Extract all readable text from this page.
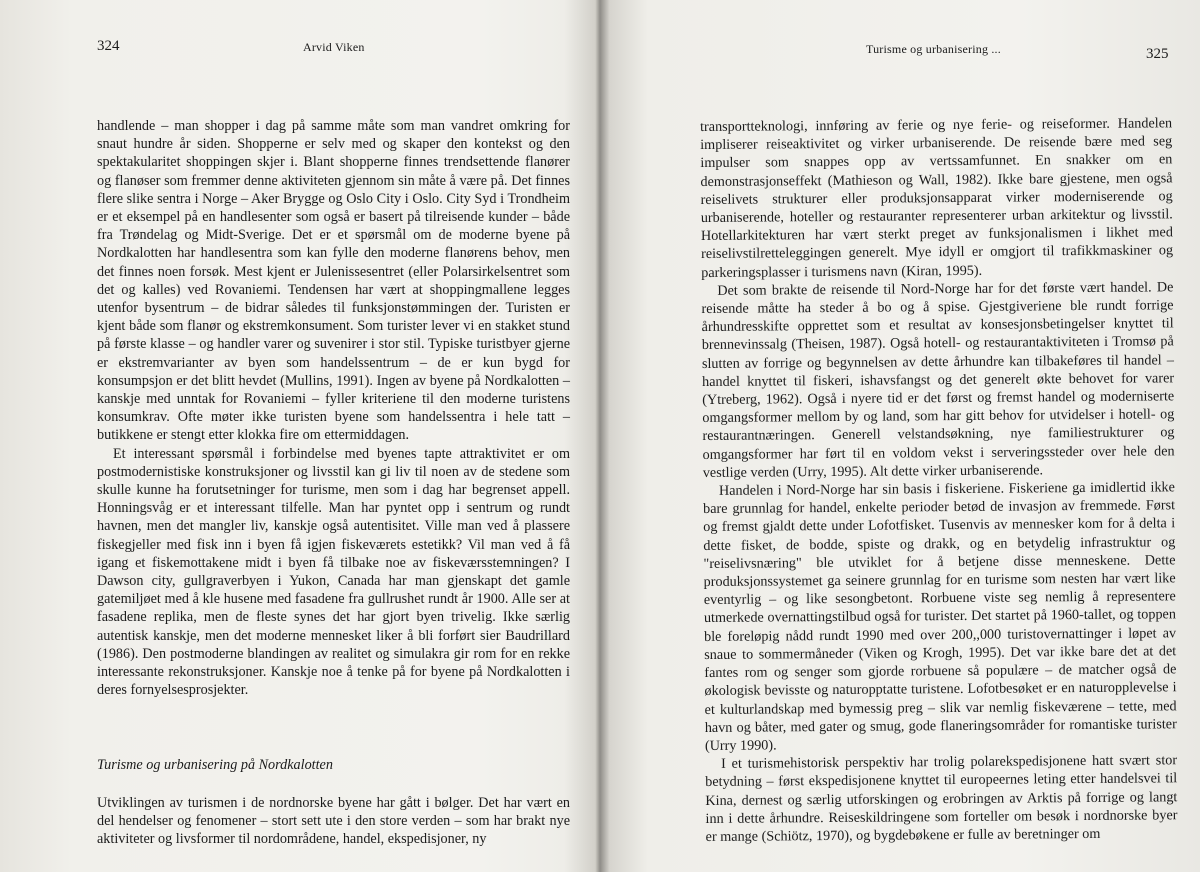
324	Arvid Viken

handlende – man shopper i dag på samme måte som man vandret omkring for snaut hundre år siden. Shopperne er selv med og skaper den kontekst og den spektakularitet shoppingen skjer i. Blant shopperne finnes trendsettende flanører og flanøser som fremmer denne aktiviteten gjennom sin måte å være på. Det finnes flere slike sentra i Norge – Aker Brygge og Oslo City i Oslo. City Syd i Trondheim er et eksempel på en handlesenter som også er basert på tilreisende kunder – både fra Trøndelag og Midt-Sverige. Det er et spørsmål om de moderne byene på Nordkalotten har handlesentra som kan fylle den moderne flanørens behov, men det finnes noen forsøk. Mest kjent er Julenissesentret (eller Polarsirkelsentret som det og kalles) ved Rovaniemi. Tendensen har vært at shoppingmallene legges utenfor bysentrum – de bidrar således til funksjonstømmingen der. Turisten er kjent både som flanør og ekstremkonsument. Som turister lever vi en stakket stund på første klasse – og handler varer og suvenirer i stor stil. Typiske turistbyer gjerne er ekstremvarianter av byen som handelssentrum – de er kun bygd for konsumpsjon er det blitt hevdet (Mullins, 1991). Ingen av byene på Nordkalotten – kanskje med unntak for Rovaniemi – fyller kriteriene til den moderne turistens konsumkrav. Ofte møter ikke turisten byene som handelssentra i hele tatt – butikkene er stengt etter klokka fire om ettermiddagen.

Et interessant spørsmål i forbindelse med byenes tapte attraktivitet er om postmodernistiske konstruksjoner og livsstil kan gi liv til noen av de stedene som skulle kunne ha forutsetninger for turisme, men som i dag har begrenset appell. Honningsvåg er et interessant tilfelle. Man har pyntet opp i sentrum og rundt havnen, men det mangler liv, kanskje også autentisitet. Ville man ved å plassere fiskegjeller med fisk inn i byen få igjen fiskeværets estetikk? Vil man ved å få igang et fiskemottakene midt i byen få tilbake noe av fiskeværsstemningen? I Dawson city, gullgraverbyen i Yukon, Canada har man gjenskapt det gamle gatemiljøet med å kle husene med fasadene fra gullrushet rundt år 1900. Alle ser at fasadene replika, men de fleste synes det har gjort byen trivelig. Ikke særlig autentisk kanskje, men det moderne mennesket liker å bli forført sier Baudrillard (1986). Den postmoderne blandingen av realitet og simulakra gir rom for en rekke interessante rekonstruksjoner. Kanskje noe å tenke på for byene på Nordkalotten i deres fornyelsesprosjekter.

Turisme og urbanisering på Nordkalotten

Utviklingen av turismen i de nordnorske byene har gått i bølger. Det har vært en del hendelser og fenomener – stort sett ute i den store verden – som har brakt nye aktiviteter og livsformer til nordområdene, handel, ekspedisjoner, ny

Turisme og urbanisering ...	325

transportteknologi, innføring av ferie og nye ferie- og reiseformer. Handelen impliserer reiseaktivitet og virker urbaniserende. De reisende bære med seg impulser som snappes opp av vertssamfunnet. En snakker om en demonstrasjonseffekt (Mathieson og Wall, 1982). Ikke bare gjestene, men også reiselivets strukturer eller produksjonsapparat virker moderniserende og urbaniserende, hoteller og restauranter representerer urban arkitektur og livsstil. Hotellarkitekturen har vært sterkt preget av funksjonalismen i likhet med reiselivstilretteleggingen generelt. Mye idyll er omgjort til trafikkmaskiner og parkeringsplasser i turismens navn (Kiran, 1995).

Det som brakte de reisende til Nord-Norge har for det første vært handel. De reisende måtte ha steder å bo og å spise. Gjestgiveriene ble rundt forrige århundresskifte opprettet som et resultat av konsesjonsbetingelser knyttet til brennevinssalg (Theisen, 1987). Også hotell- og restaurantaktiviteten i Tromsø på slutten av forrige og begynnelsen av dette århundre kan tilbakeføres til handel – handel knyttet til fiskeri, ishavsfangst og det generelt økte behovet for varer (Ytreberg, 1962). Også i nyere tid er det først og fremst handel og moderniserte omgangsformer mellom by og land, som har gitt behov for utvidelser i hotell- og restaurantnæringen. Generell velstandsøkning, nye familiestrukturer og omgangsformer har ført til en voldom vekst i serveringssteder over hele den vestlige verden (Urry, 1995). Alt dette virker urbaniserende.

Handelen i Nord-Norge har sin basis i fiskeriene. Fiskeriene ga imidlertid ikke bare grunnlag for handel, enkelte perioder betød de invasjon av fremmede. Først og fremst gjaldt dette under Lofotfisket. Tusenvis av mennesker kom for å delta i dette fisket, de bodde, spiste og drakk, og en betydelig infrastruktur og "reiselivsnæring" ble utviklet for å betjene disse menneskene. Dette produksjonssystemet ga seinere grunnlag for en turisme som nesten har vært like eventyrlig – og like sesongbetont. Rorbuene viste seg nemlig å representere utmerkede overnattingstilbud også for turister. Det startet på 1960-tallet, og toppen ble foreløpig nådd rundt 1990 med over 200,,000 turistovernattinger i løpet av snaue to sommermåneder (Viken og Krogh, 1995). Det var ikke bare det at det fantes rom og senger som gjorde rorbuene så populære – de matcher også de økologisk bevisste og naturopptatte turistene. Lofotbesøket er en naturopplevelse i et kulturlandskap med bymessig preg – slik var nemlig fiskeværene – tette, med havn og båter, med gater og smug, gode flaneringsområder for romantiske turister (Urry 1990).

I et turismehistorisk perspektiv har trolig polarekspedisjonene hatt svært stor betydning – først ekspedisjonene knyttet til europeernes leting etter handelsvei til Kina, dernest og særlig utforskingen og erobringen av Arktis på forrige og langt inn i dette århundre. Reiseskildringene som forteller om besøk i nordnorske byer er mange (Schiötz, 1970), og bygdebøkene er fulle av beretninger om
